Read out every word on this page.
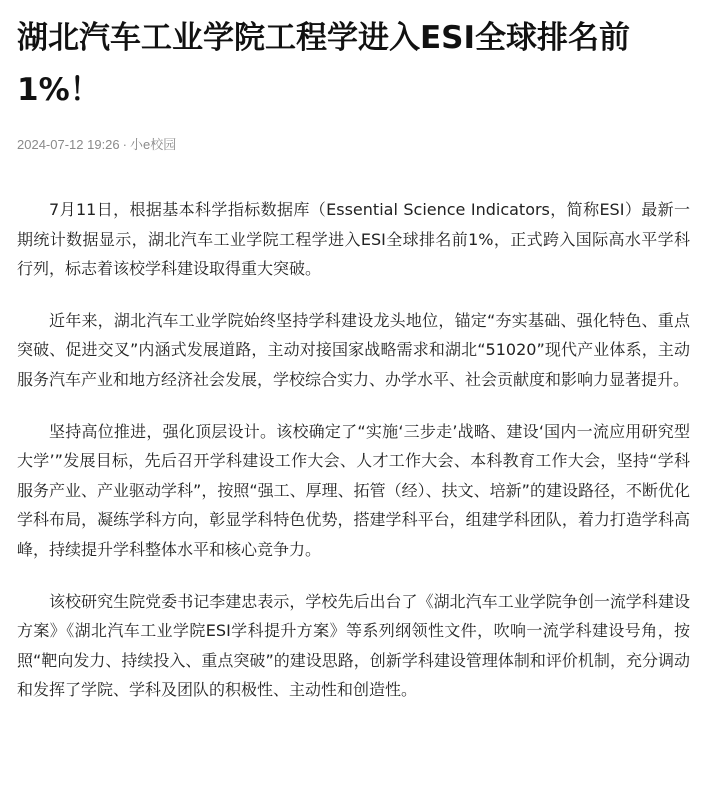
湖北汽车工业学院工程学进入ESI全球排名前1%！
2024-07-12 19:26 · 小e校园

7月11日，根据基本科学指标数据库（Essential Science Indicators，简称ESI）最新一期统计数据显示，湖北汽车工业学院工程学进入ESI全球排名前1%，正式跨入国际高水平学科行列，标志着该校学科建设取得重大突破。

近年来，湖北汽车工业学院始终坚持学科建设龙头地位，锚定“夯实基础、强化特色、重点突破、促进交叉”内涵式发展道路，主动对接国家战略需求和湖北“51020”现代产业体系，主动服务汽车产业和地方经济社会发展，学校综合实力、办学水平、社会贡献度和影响力显著提升。

坚持高位推进，强化顶层设计。该校确定了“实施‘三步走’战略、建设‘国内一流应用研究型大学’”发展目标，先后召开学科建设工作大会、人才工作大会、本科教育工作大会，坚持“学科服务产业、产业驱动学科”，按照“强工、厚理、拓管（经）、扶文、培新”的建设路径，不断优化学科布局，凝练学科方向，彰显学科特色优势，搭建学科平台，组建学科团队，着力打造学科高峰，持续提升学科整体水平和核心竞争力。

该校研究生院党委书记李建忠表示，学校先后出台了《湖北汽车工业学院争创一流学科建设方案》《湖北汽车工业学院ESI学科提升方案》等系列纲领性文件，吹响一流学科建设号角，按照“靶向发力、持续投入、重点突破”的建设思路，创新学科建设管理体制和评价机制，充分调动和发挥了学院、学科及团队的积极性、主动性和创造性。
